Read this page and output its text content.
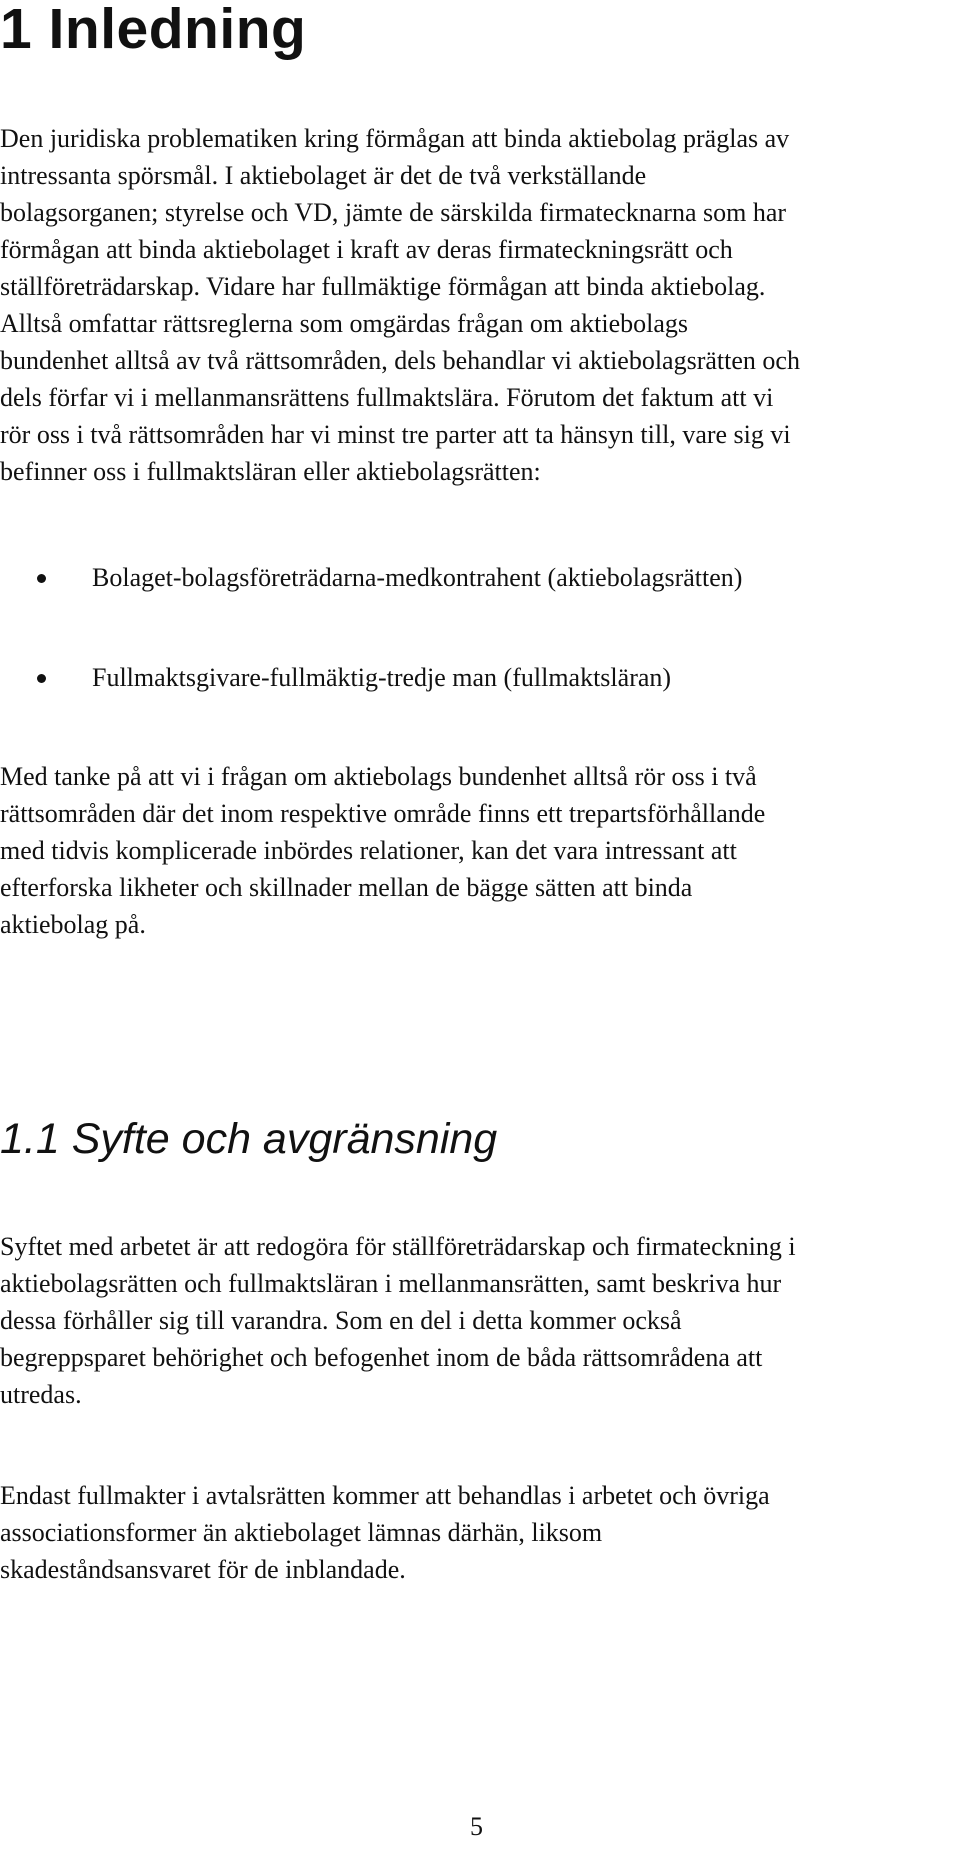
1 Inledning
Den juridiska problematiken kring förmågan att binda aktiebolag präglas av
intressanta spörsmål. I aktiebolaget är det de två verkställande
bolagsorganen; styrelse och VD, jämte de särskilda firmatecknarna som har
förmågan att binda aktiebolaget i kraft av deras firmateckningsrätt och
ställföreträdarskap. Vidare har fullmäktige förmågan att binda aktiebolag.
Alltså omfattar rättsreglerna som omgärdas frågan om aktiebolags
bundenhet alltså av två rättsområden, dels behandlar vi aktiebolagsrätten och
dels förfar vi i mellanmansrättens fullmaktslära. Förutom det faktum att vi
rör oss i två rättsområden har vi minst tre parter att ta hänsyn till, vare sig vi
befinner oss i fullmaktsläran eller aktiebolagsrätten:
Bolaget-bolagsföreträdarna-medkontrahent (aktiebolagsrätten)
Fullmaktsgivare-fullmäktig-tredje man (fullmaktsläran)
Med tanke på att vi i frågan om aktiebolags bundenhet alltså rör oss i två
rättsområden där det inom respektive område finns ett trepartsförhållande
med tidvis komplicerade inbördes relationer, kan det vara intressant att
efterforska likheter och skillnader mellan de bägge sätten att binda
aktiebolag på.
1.1 Syfte och avgränsning
Syftet med arbetet är att redogöra för ställföreträdarskap och firmateckning i
aktiebolagsrätten och fullmaktsläran i mellanmansrätten, samt beskriva hur
dessa förhåller sig till varandra. Som en del i detta kommer också
begreppsparet behörighet och befogenhet inom de båda rättsområdena att
utredas.
Endast fullmakter i avtalsrätten kommer att behandlas i arbetet och övriga
associationsformer än aktiebolaget lämnas därhän, liksom
skadeståndsansvaret för de inblandade.
5
